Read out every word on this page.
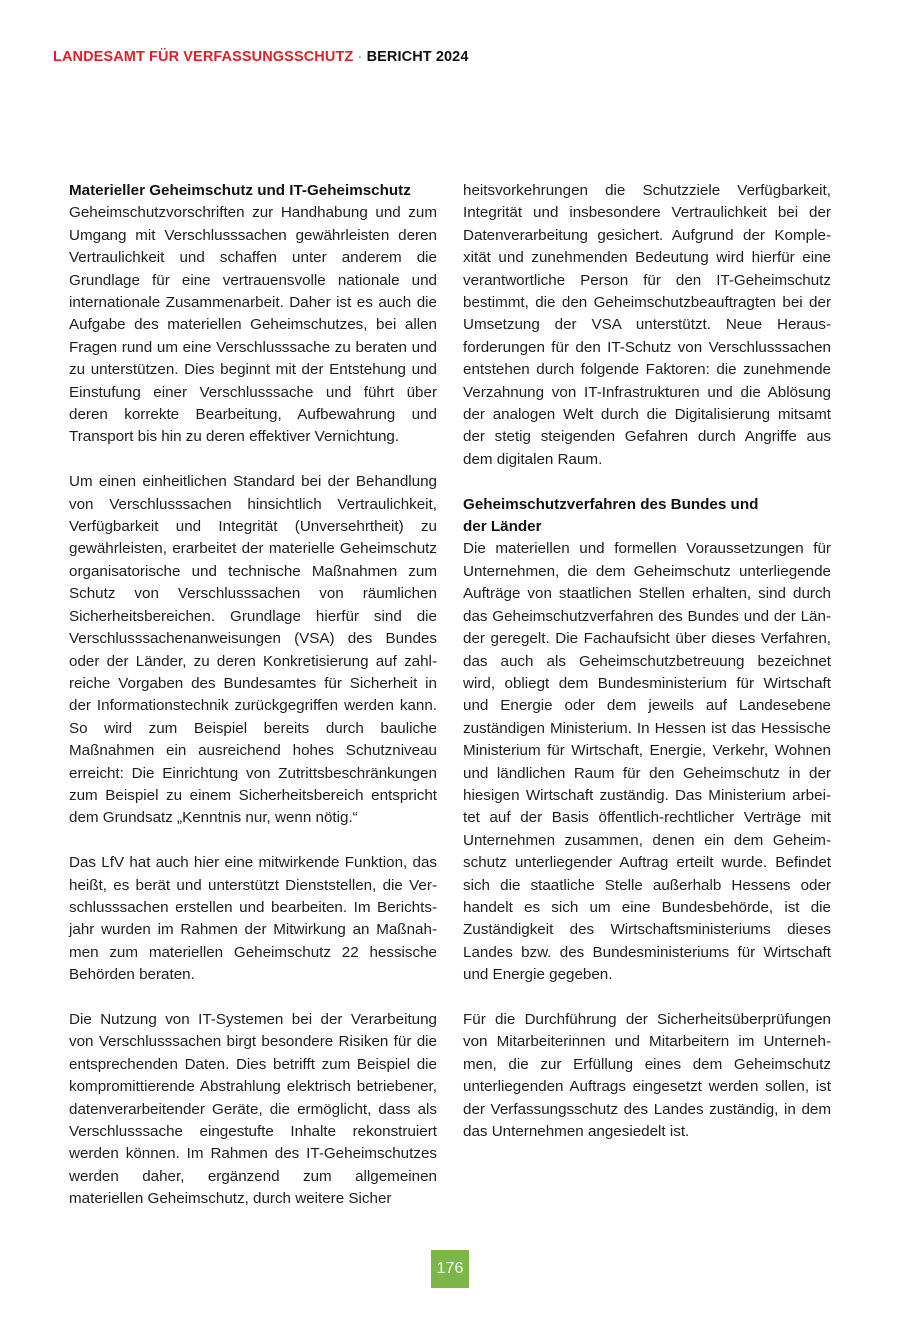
LANDESAMT FÜR VERFASSUNGSSCHUTZ · BERICHT 2024
Materieller Geheimschutz und IT-Geheimschutz

Geheimschutzvorschriften zur Handhabung und zum Umgang mit Verschlusssachen gewährleisten deren Vertraulichkeit und schaffen unter anderem die Grundlage für eine vertrauensvolle nationale und internationale Zusammenarbeit. Daher ist es auch die Aufgabe des materiellen Geheimschutzes, bei allen Fragen rund um eine Verschlusssache zu beraten und zu unterstützen. Dies beginnt mit der Entstehung und Einstufung einer Verschlusssache und führt über deren korrekte Bearbeitung, Aufbewahrung und Transport bis hin zu deren effektiver Vernichtung.

Um einen einheitlichen Standard bei der Behandlung von Verschlusssachen hinsichtlich Vertraulichkeit, Verfügbarkeit und Integrität (Unversehrtheit) zu gewährleisten, erarbeitet der materielle Geheimschutz organisatorische und technische Maßnahmen zum Schutz von Verschlusssachen von räumlichen Sicherheitsbereichen. Grundlage hierfür sind die Verschlusssachenanweisungen (VSA) des Bundes oder der Länder, zu deren Konkretisierung auf zahlreiche Vorgaben des Bundesamtes für Sicherheit in der Informationstechnik zurückgegriffen werden kann. So wird zum Beispiel bereits durch bauliche Maßnahmen ein ausreichend hohes Schutzniveau erreicht: Die Einrichtung von Zutrittsbeschränkungen zum Beispiel zu einem Sicherheitsbereich entspricht dem Grundsatz „Kenntnis nur, wenn nötig.“

Das LfV hat auch hier eine mitwirkende Funktion, das heißt, es berät und unterstützt Dienststellen, die Verschlusssachen erstellen und bearbeiten. Im Berichtsjahr wurden im Rahmen der Mitwirkung an Maßnahmen zum materiellen Geheimschutz 22 hessische Behörden beraten.

Die Nutzung von IT-Systemen bei der Verarbeitung von Verschlusssachen birgt besondere Risiken für die entsprechenden Daten. Dies betrifft zum Beispiel die kompromittierende Abstrahlung elektrisch betriebener, datenverarbeitender Geräte, die ermöglicht, dass als Verschlusssache eingestufte Inhalte rekonstruiert werden können. Im Rahmen des IT-Geheimschutzes werden daher, ergänzend zum allgemeinen materiellen Geheimschutz, durch weitere Sicher

heitsvorkehrungen die Schutzziele Verfügbarkeit, Integrität und insbesondere Vertraulichkeit bei der Datenverarbeitung gesichert. Aufgrund der Komplexität und zunehmenden Bedeutung wird hierfür eine verantwortliche Person für den IT-Geheimschutz bestimmt, die den Geheimschutzbeauftragten bei der Umsetzung der VSA unterstützt. Neue Herausforderungen für den IT-Schutz von Verschlusssachen entstehen durch folgende Faktoren: die zunehmende Verzahnung von IT-Infrastrukturen und die Ablösung der analogen Welt durch die Digitalisierung mitsamt der stetig steigenden Gefahren durch Angriffe aus dem digitalen Raum.

Geheimschutzverfahren des Bundes und
der Länder

Die materiellen und formellen Voraussetzungen für Unternehmen, die dem Geheimschutz unterliegende Aufträge von staatlichen Stellen erhalten, sind durch das Geheimschutzverfahren des Bundes und der Länder geregelt. Die Fachaufsicht über dieses Verfahren, das auch als Geheimschutzbetreuung bezeichnet wird, obliegt dem Bundesministerium für Wirtschaft und Energie oder dem jeweils auf Landesebene zuständigen Ministerium. In Hessen ist das Hessische Ministerium für Wirtschaft, Energie, Verkehr, Wohnen und ländlichen Raum für den Geheimschutz in der hiesigen Wirtschaft zuständig. Das Ministerium arbeitet auf der Basis öffentlich-rechtlicher Verträge mit Unternehmen zusammen, denen ein dem Geheimschutz unterliegender Auftrag erteilt wurde. Befindet sich die staatliche Stelle außerhalb Hessens oder handelt es sich um eine Bundesbehörde, ist die Zuständigkeit des Wirtschaftsministeriums dieses Landes bzw. des Bundesministeriums für Wirtschaft und Energie gegeben.

Für die Durchführung der Sicherheitsüberprüfungen von Mitarbeiterinnen und Mitarbeitern im Unternehmen, die zur Erfüllung eines dem Geheimschutz unterliegenden Auftrags eingesetzt werden sollen, ist der Verfassungsschutz des Landes zuständig, in dem das Unternehmen angesiedelt ist.

176
